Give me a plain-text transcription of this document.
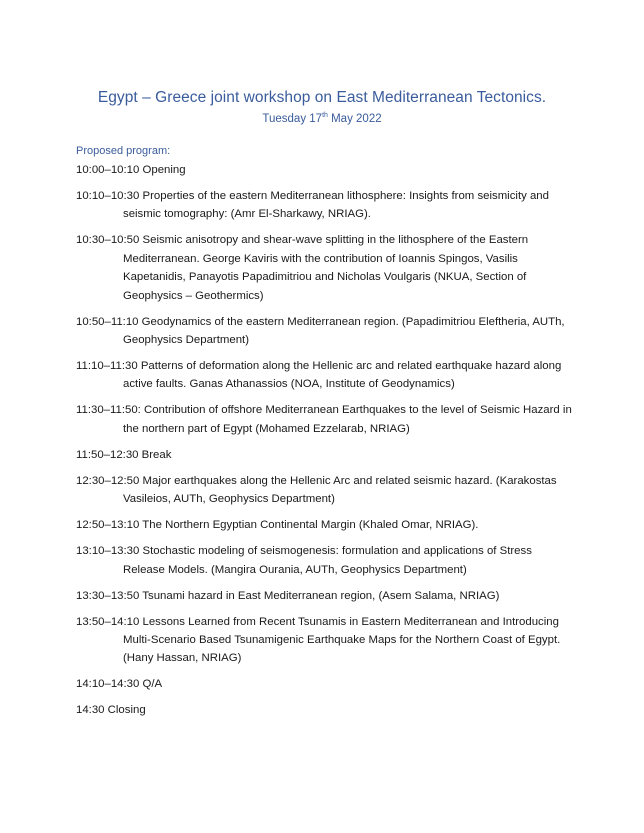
Egypt – Greece joint workshop on East Mediterranean Tectonics.
Tuesday 17th May 2022
Proposed program:
10:00–10:10 Opening
10:10–10:30 Properties of the eastern Mediterranean lithosphere: Insights from seismicity and seismic tomography: (Amr El-Sharkawy, NRIAG).
10:30–10:50 Seismic anisotropy and shear-wave splitting in the lithosphere of the Eastern Mediterranean. George Kaviris with the contribution of Ioannis Spingos, Vasilis Kapetanidis, Panayotis Papadimitriou and Nicholas Voulgaris (NKUA, Section of Geophysics – Geothermics)
10:50–11:10 Geodynamics of the eastern Mediterranean region. (Papadimitriou Eleftheria, AUTh, Geophysics Department)
11:10–11:30 Patterns of deformation along the Hellenic arc and related earthquake hazard along active faults. Ganas Athanassios (NOA, Institute of Geodynamics)
11:30–11:50: Contribution of offshore Mediterranean Earthquakes to the level of Seismic Hazard in the northern part of Egypt (Mohamed Ezzelarab, NRIAG)
11:50–12:30 Break
12:30–12:50 Major earthquakes along the Hellenic Arc and related seismic hazard. (Karakostas Vasileios, AUTh, Geophysics Department)
12:50–13:10 The Northern Egyptian Continental Margin (Khaled Omar, NRIAG).
13:10–13:30 Stochastic modeling of seismogenesis: formulation and applications of Stress Release Models. (Mangira Ourania, AUTh, Geophysics Department)
13:30–13:50 Tsunami hazard in East Mediterranean region, (Asem Salama, NRIAG)
13:50–14:10 Lessons Learned from Recent Tsunamis in Eastern Mediterranean and Introducing Multi-Scenario Based Tsunamigenic Earthquake Maps for the Northern Coast of Egypt. (Hany Hassan, NRIAG)
14:10–14:30 Q/A
14:30 Closing
